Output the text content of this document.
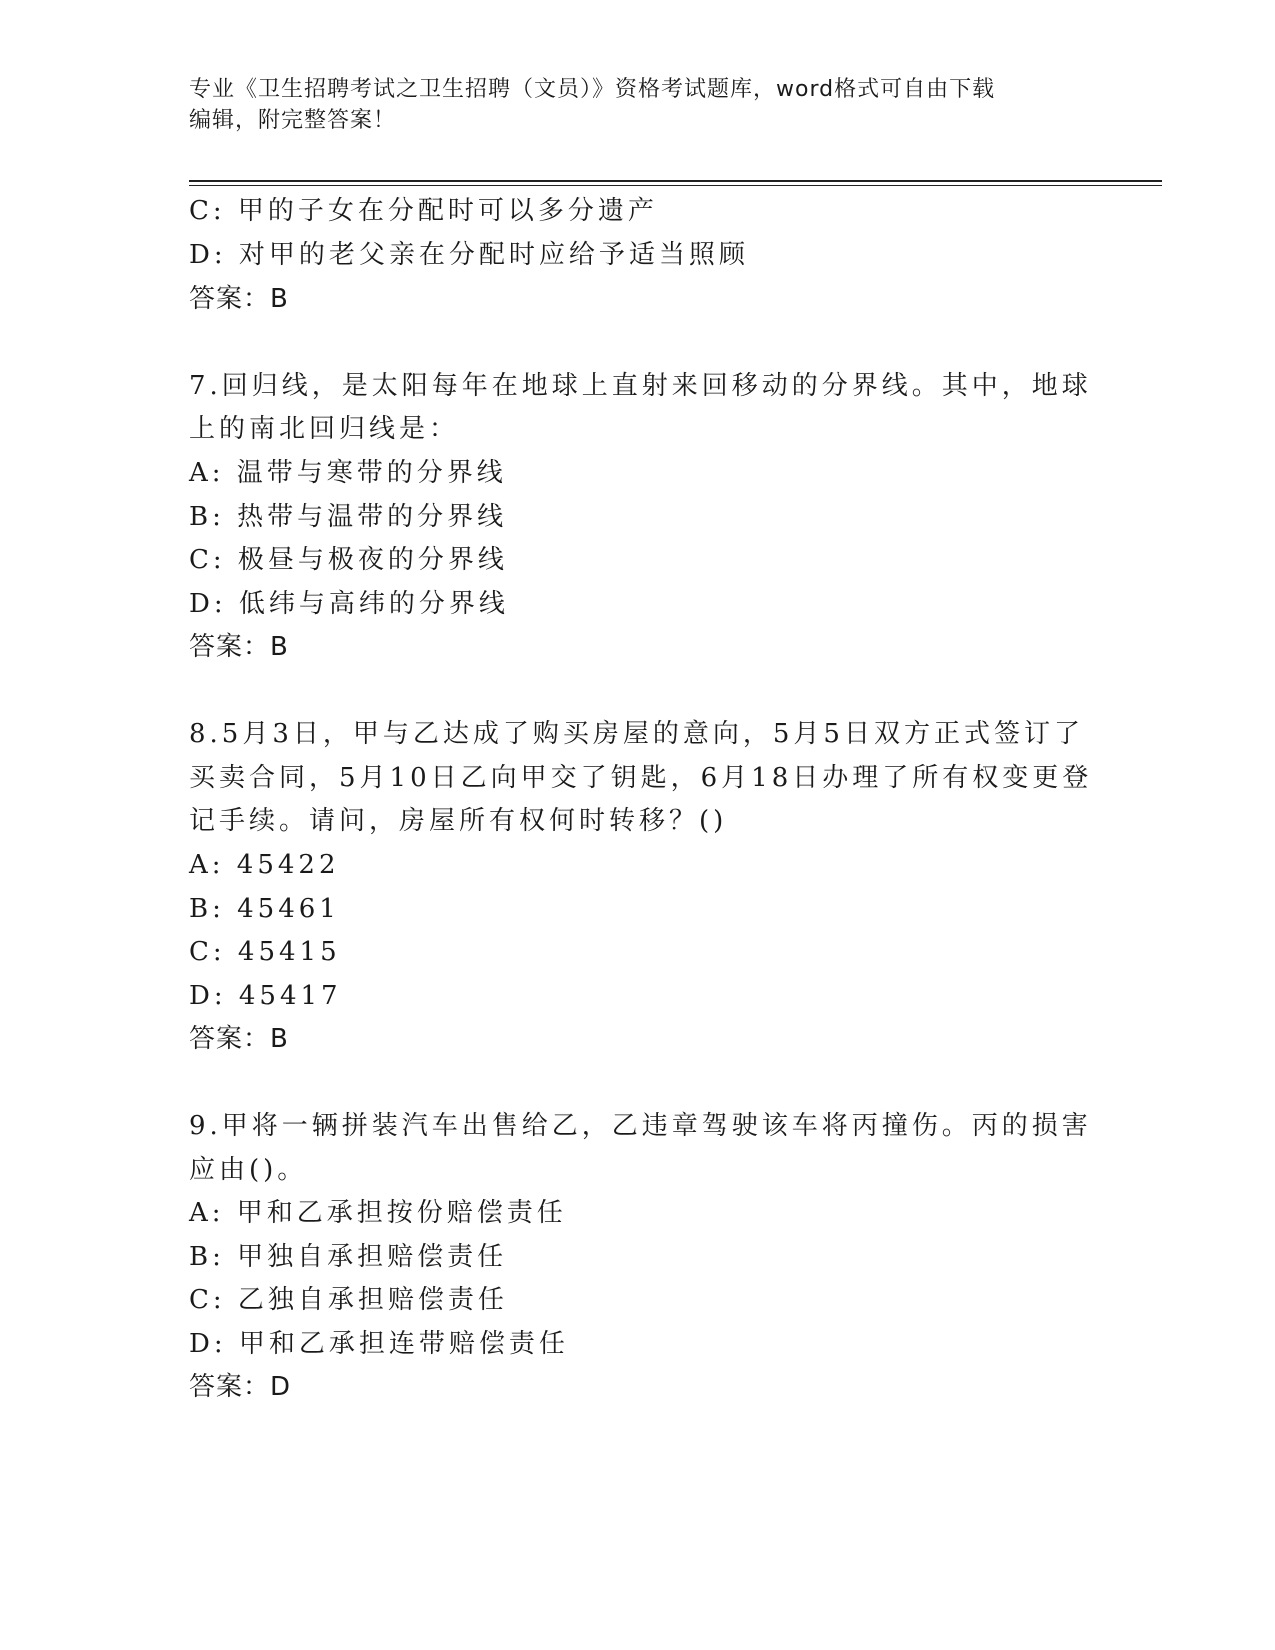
专业《卫生招聘考试之卫生招聘（文员）》资格考试题库，word格式可自由下载
编辑，附完整答案！
C: 甲的子女在分配时可以多分遗产
D: 对甲的老父亲在分配时应给予适当照顾
答案：B
7.回归线，是太阳每年在地球上直射来回移动的分界线。其中，地球
上的南北回归线是：
A: 温带与寒带的分界线
B: 热带与温带的分界线
C: 极昼与极夜的分界线
D: 低纬与高纬的分界线
答案：B
8.5月3日，甲与乙达成了购买房屋的意向，5月5日双方正式签订了
买卖合同，5月10日乙向甲交了钥匙，6月18日办理了所有权变更登
记手续。请问，房屋所有权何时转移？()
A: 45422
B: 45461
C: 45415
D: 45417
答案：B
9.甲将一辆拼装汽车出售给乙，乙违章驾驶该车将丙撞伤。丙的损害
应由()。
A: 甲和乙承担按份赔偿责任
B: 甲独自承担赔偿责任
C: 乙独自承担赔偿责任
D: 甲和乙承担连带赔偿责任
答案：D
